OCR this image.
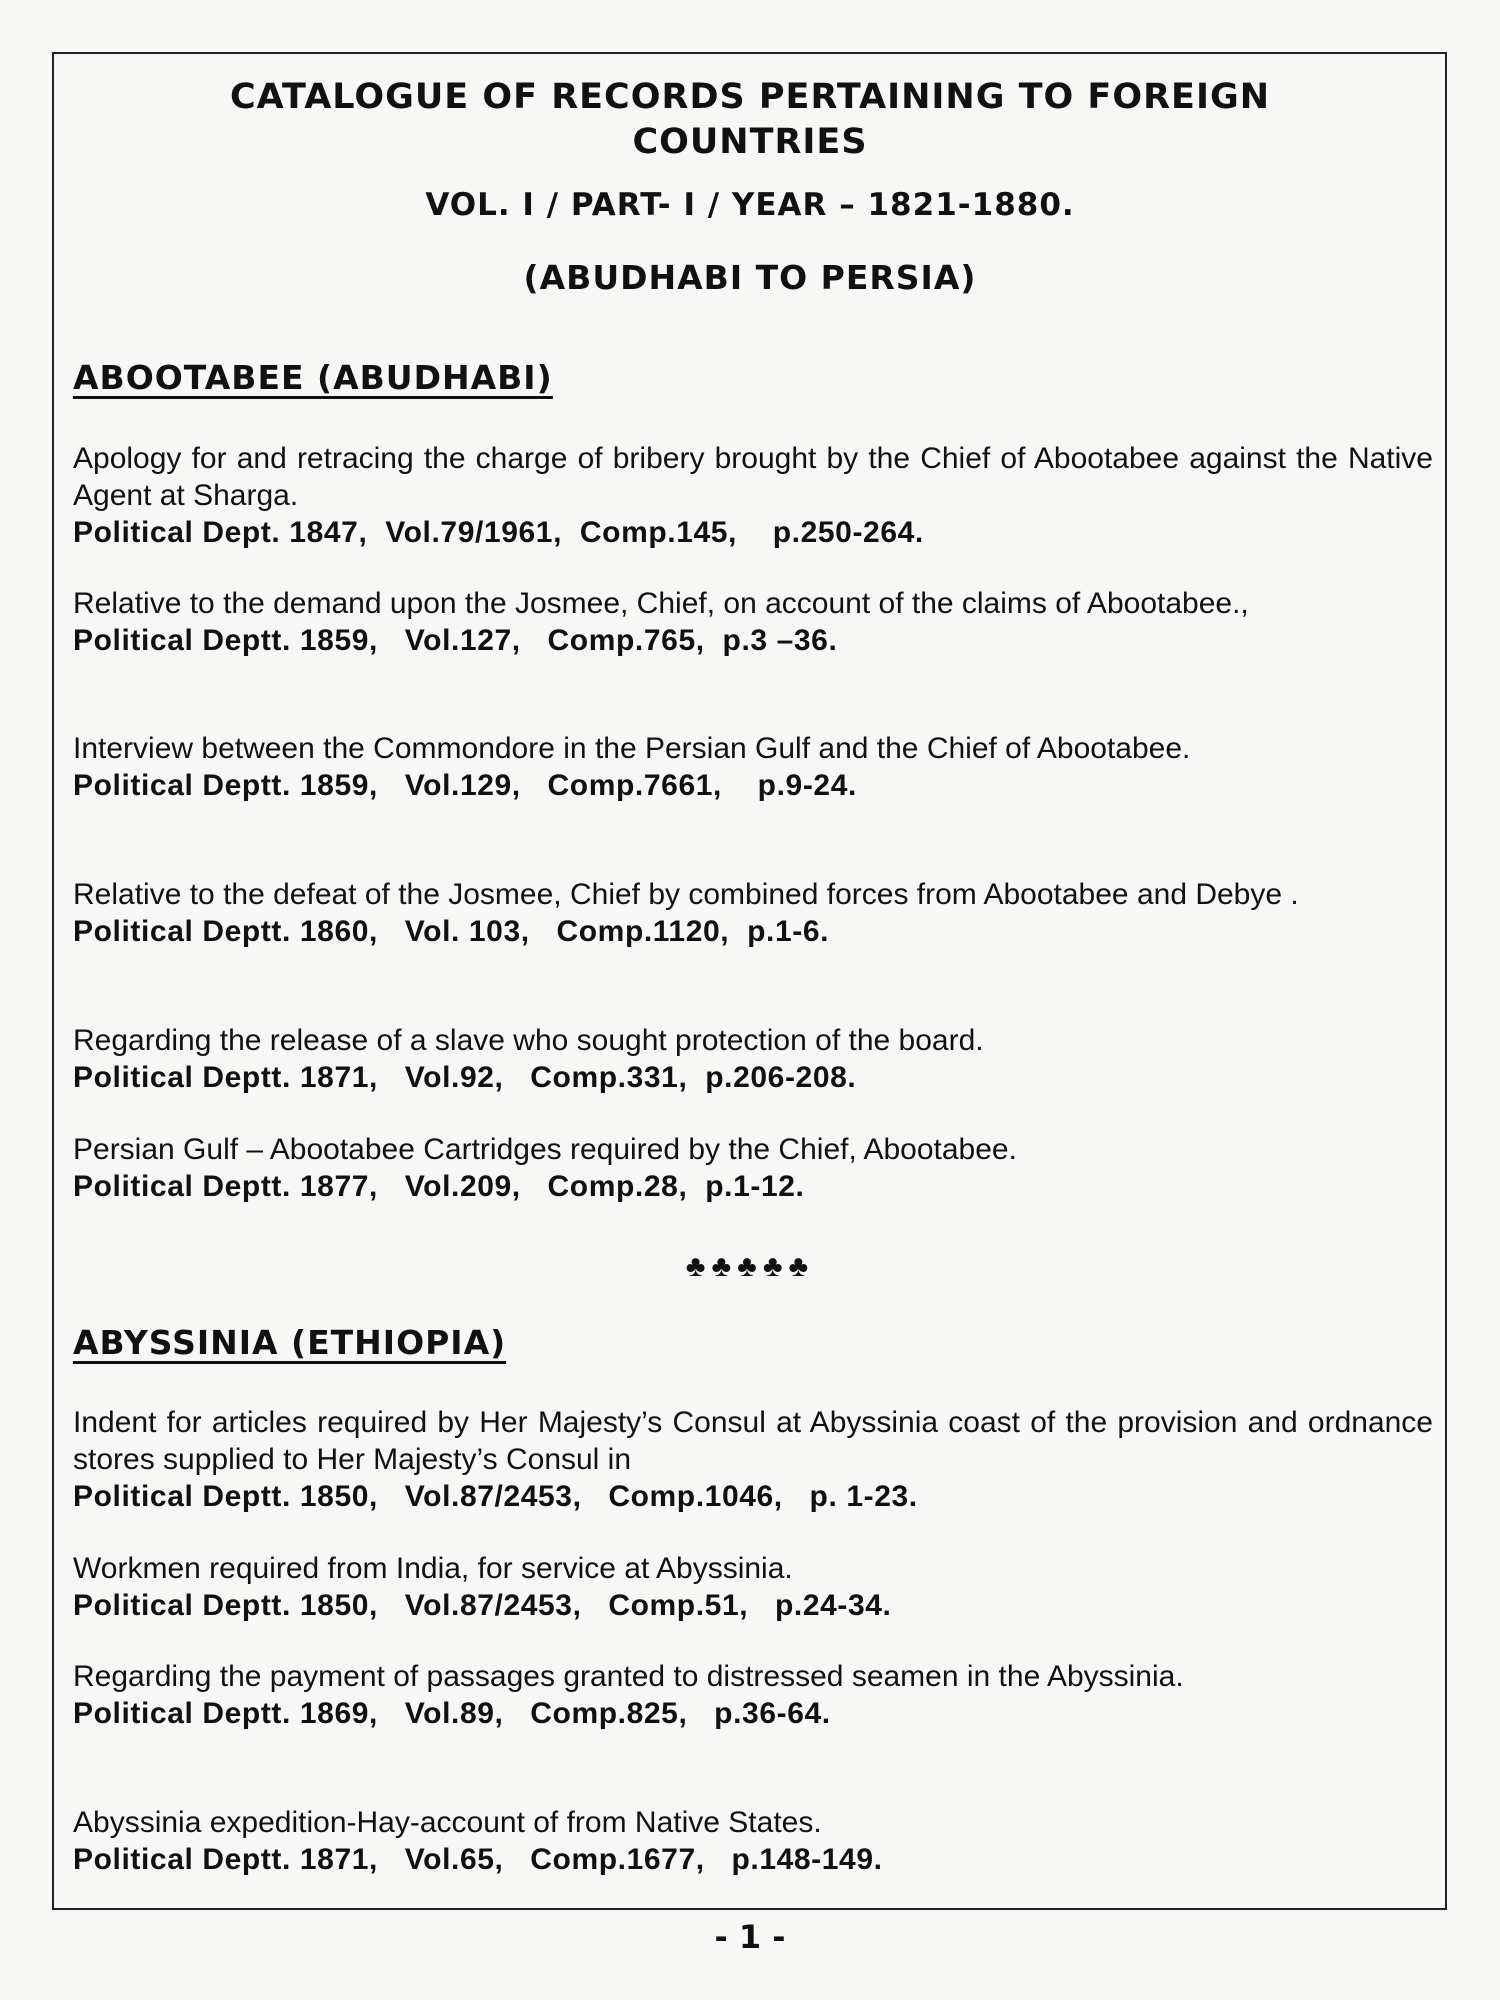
CATALOGUE OF RECORDS PERTAINING TO FOREIGN
COUNTRIES
VOL. I / PART- I / YEAR – 1821-1880.
(ABUDHABI TO PERSIA)
ABOOTABEE (ABUDHABI)
Apology for and retracing the charge of bribery brought by the Chief of Abootabee against the Native Agent at Sharga.
Political Dept. 1847,  Vol.79/1961,  Comp.145,    p.250-264.
Relative to the demand upon the Josmee, Chief, on account of the claims of Abootabee.,
Political Deptt. 1859,   Vol.127,   Comp.765,  p.3 –36.
Interview between the Commondore in the Persian Gulf and the Chief of Abootabee.
Political Deptt. 1859,   Vol.129,   Comp.7661,    p.9-24.
Relative to the defeat of the Josmee, Chief by combined forces from Abootabee and Debye .
Political Deptt. 1860,   Vol. 103,   Comp.1120,  p.1-6.
Regarding the release of a slave who sought protection of the board.
Political Deptt. 1871,   Vol.92,   Comp.331,  p.206-208.
Persian Gulf – Abootabee Cartridges required by the Chief, Abootabee.
Political Deptt. 1877,   Vol.209,   Comp.28,  p.1-12.
♣♣♣♣♣
ABYSSINIA (ETHIOPIA)
Indent for articles required by Her Majesty’s Consul at Abyssinia coast of the provision and ordnance stores supplied to Her Majesty’s Consul in
Political Deptt. 1850,   Vol.87/2453,   Comp.1046,   p. 1-23.
Workmen required from India, for service at Abyssinia.
Political Deptt. 1850,   Vol.87/2453,   Comp.51,   p.24-34.
Regarding the payment of passages granted to distressed seamen in the Abyssinia.
Political Deptt. 1869,   Vol.89,   Comp.825,   p.36-64.
Abyssinia expedition-Hay-account of from Native States.
Political Deptt. 1871,   Vol.65,   Comp.1677,   p.148-149.
- 1 -
